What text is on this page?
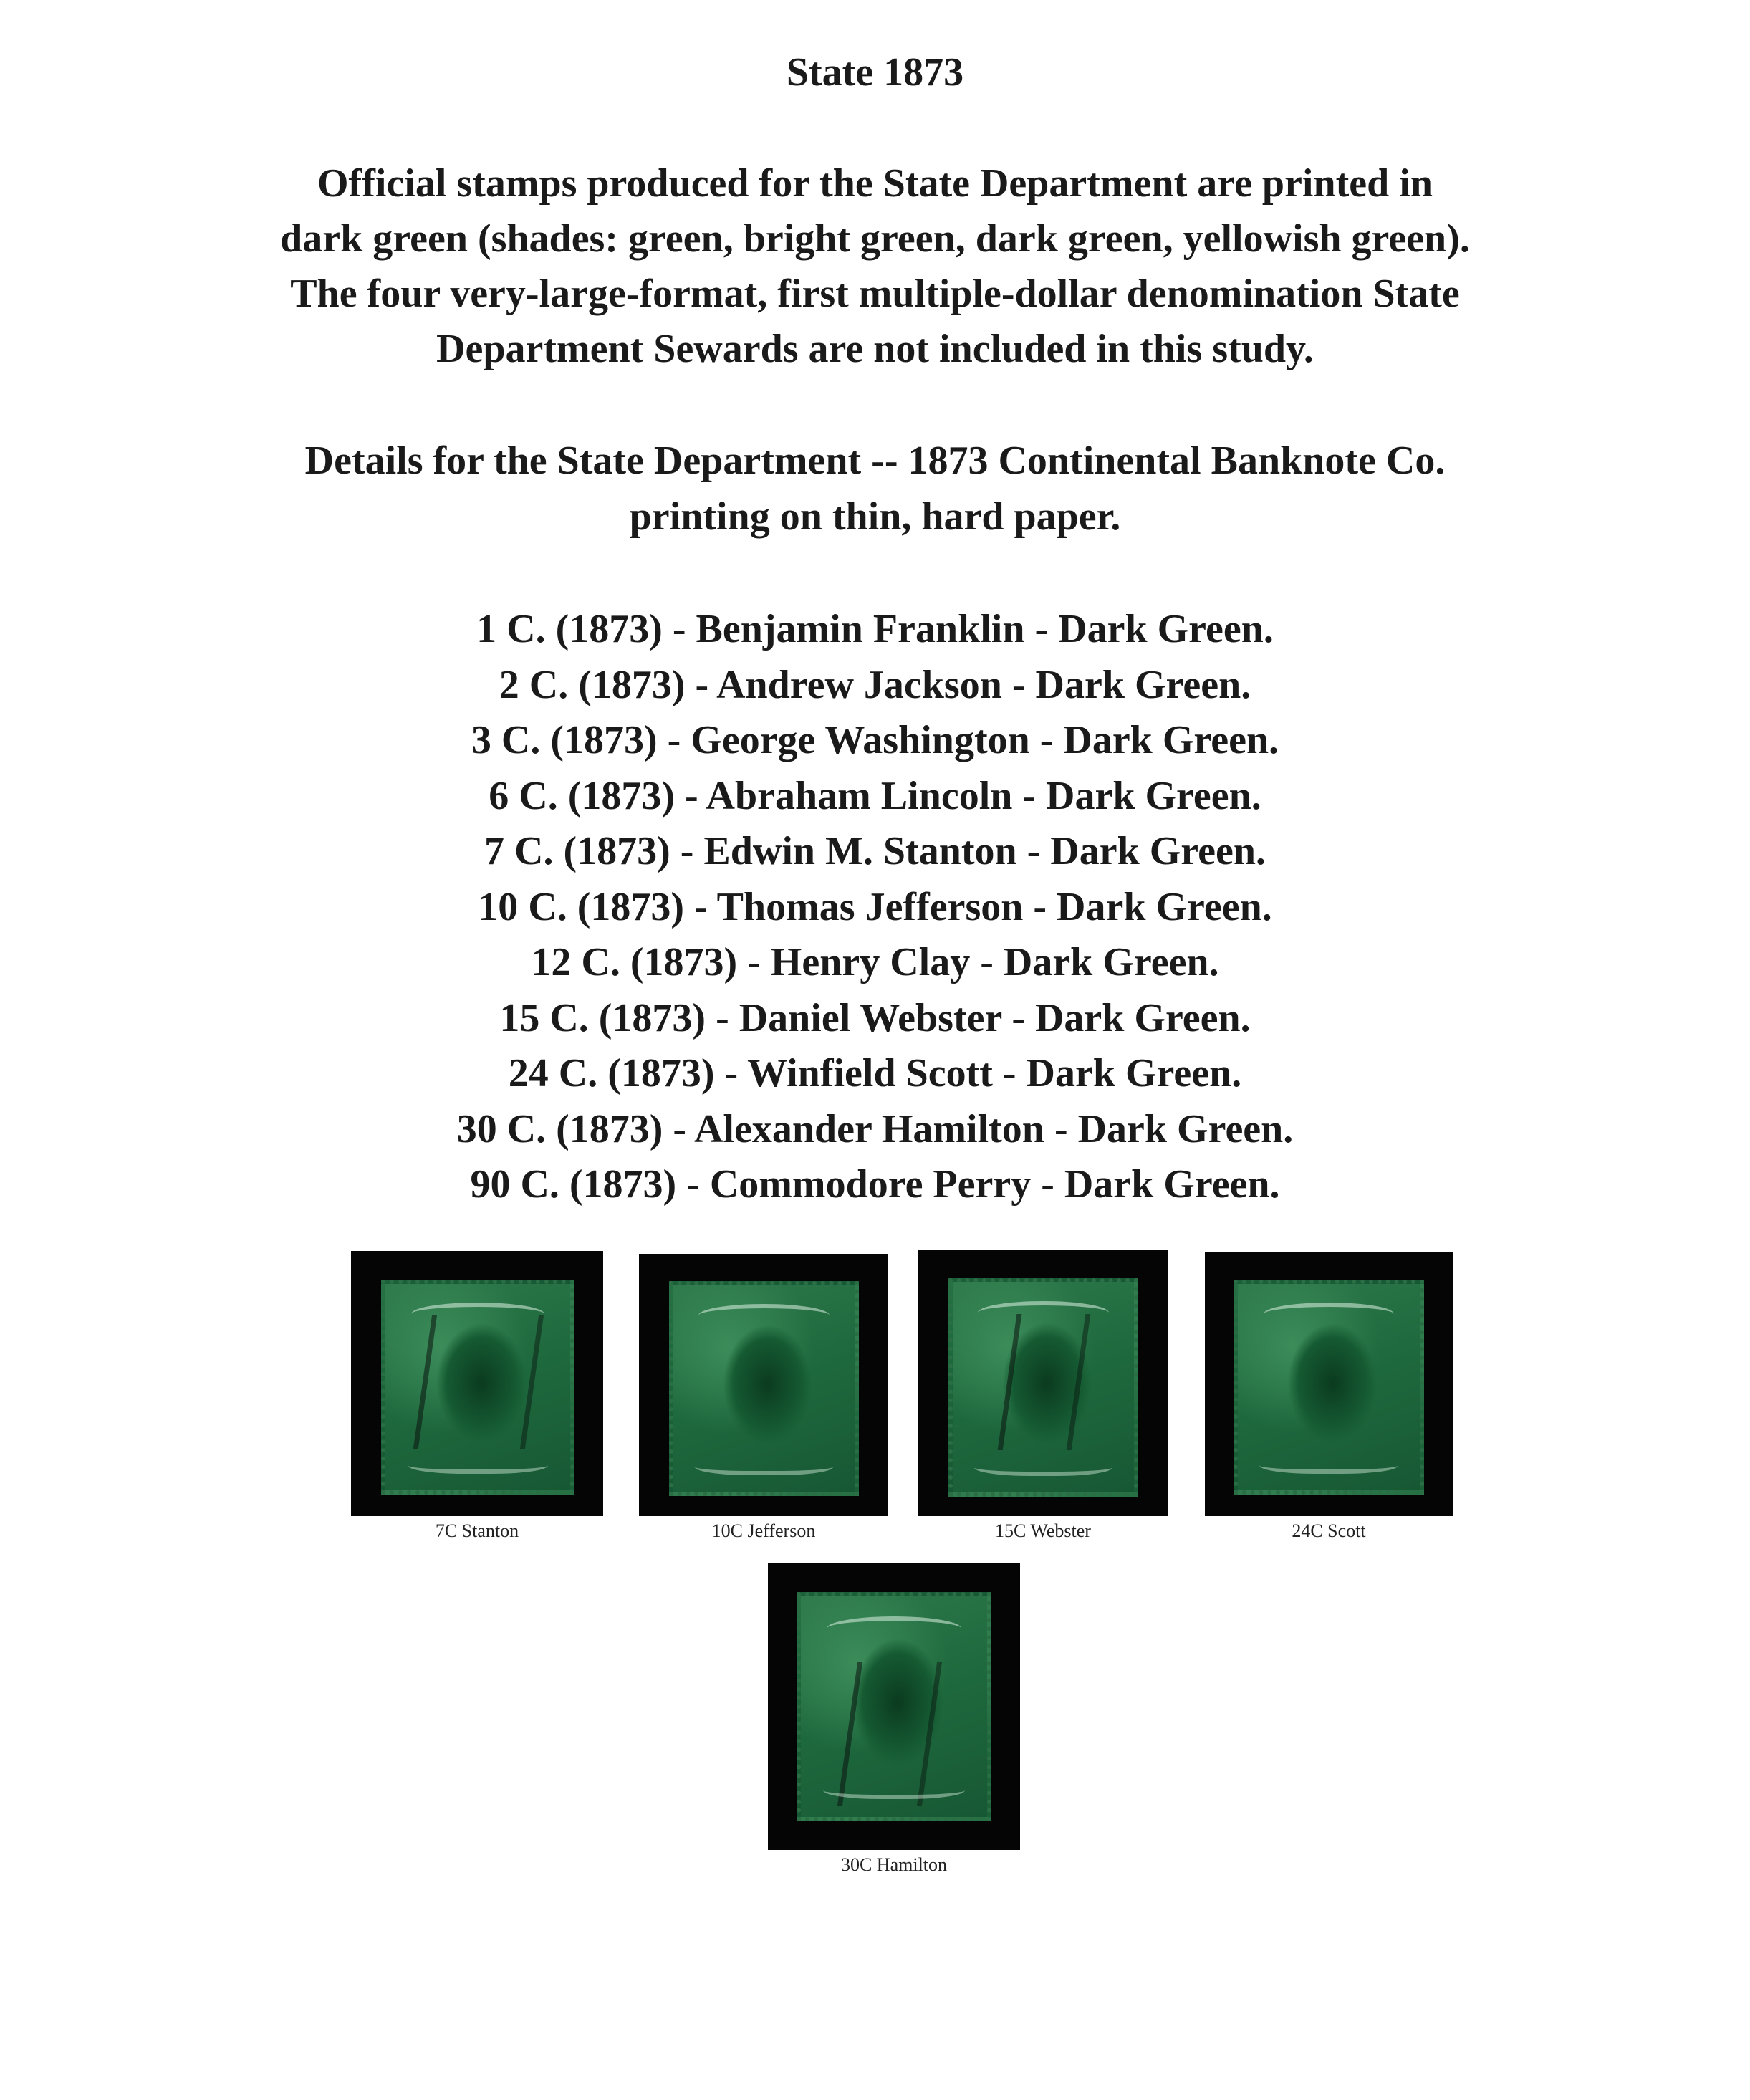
State 1873

Official stamps produced for the State Department are printed in

dark green (shades: green, bright green, dark green, yellowish green).

The four very-large-format, first multiple-dollar denomination State

Department Sewards are not included in this study.

Details for the State Department -- 1873 Continental Banknote Co.

printing on thin, hard paper.

1 C. (1873) - Benjamin Franklin - Dark Green.
2 C. (1873) - Andrew Jackson - Dark Green.
3 C. (1873) - George Washington - Dark Green.
6 C. (1873) - Abraham Lincoln - Dark Green.
7 C. (1873) - Edwin M. Stanton - Dark Green.
10 C. (1873) - Thomas Jefferson - Dark Green.
12 C. (1873) - Henry Clay - Dark Green.
15 C. (1873) - Daniel Webster - Dark Green.
24 C. (1873) - Winfield Scott - Dark Green.
30 C. (1873) - Alexander Hamilton - Dark Green.
90 C. (1873) - Commodore Perry - Dark Green.
7C Stanton	10C Jefferson	15C Webster	24C Scott
30C Hamilton
